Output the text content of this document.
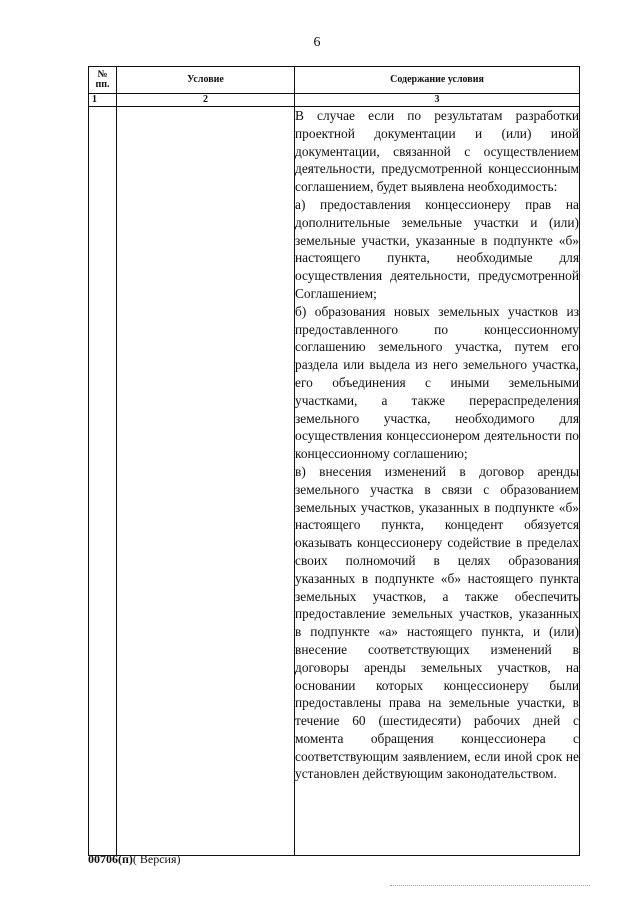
6
№
пп.	Условие	Содержание условия
1	2	3

		В случае если по результатам разработки проектной документации и (или) иной документации, связанной с осуществлением деятельности, предусмотренной концессионным соглашением, будет выявлена необходимость:

а) предоставления концессионеру прав на дополнительные земельные участки и (или) земельные участки, указанные в подпункте «б» настоящего пункта, необходимые для осуществления деятельности, предусмотренной Соглашением;

б) образования новых земельных участков из предоставленного по концессионному соглашению земельного участка, путем его раздела или выдела из него земельного участка, его объединения с иными земельными участками, а также перераспределения земельного участка, необходимого для осуществления концессионером деятельности по концессионному соглашению;

в) внесения изменений в договор аренды земельного участка в связи с образованием земельных участков, указанных в подпункте «б» настоящего пункта, концедент обязуется оказывать концессионеру содействие в пределах своих полномочий в целях образования указанных в подпункте «б» настоящего пункта земельных участков, а также обеспечить предоставление земельных участков, указанных в подпункте «а» настоящего пункта, и (или) внесение соответствующих изменений в договоры аренды земельных участков, на основании которых концессионеру были предоставлены права на земельные участки, в течение 60 (шестидесяти) рабочих дней с момента обращения концессионера с соответствующим заявлением, если иной срок не установлен действующим законодательством.

00706(п)( Версия)
